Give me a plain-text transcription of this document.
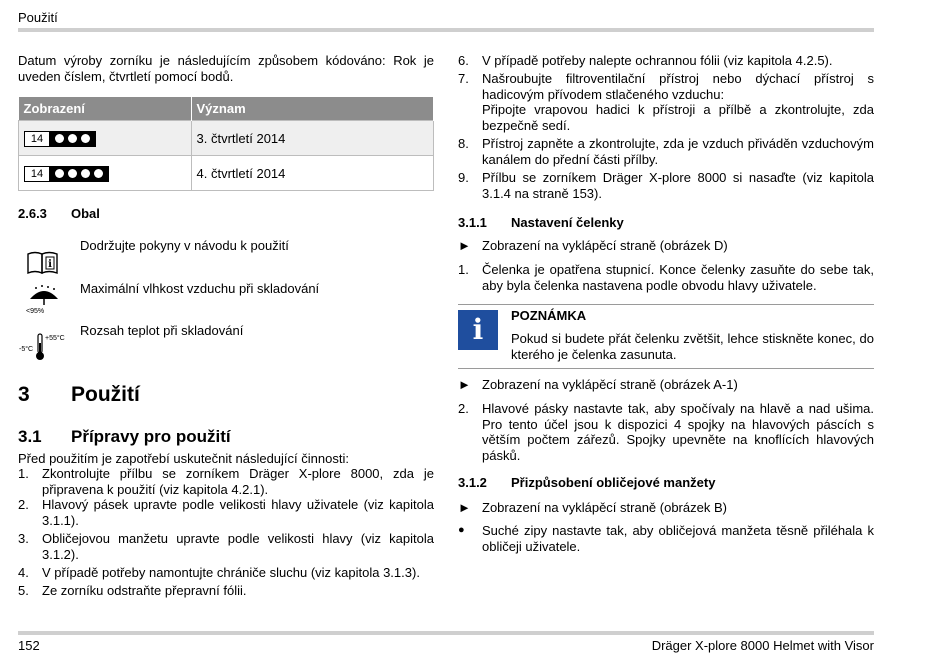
Použití
152	Dräger X-plore 8000 Helmet with Visor
Datum výroby zorníku je následujícím způsobem kódováno: Rok je uveden číslem, čtvrtletí pomocí bodů.
Zobrazení	Význam

14	3. čtvrtletí 2014

14	4. čtvrtletí 2014
2.6.3 Obal
i
Dodržujte pokyny v návodu k použití
<95%
Maximální vlhkost vzduchu při skladování
-5°C
+55°C
Rozsah teplot při skladování
3 Použití
3.1 Přípravy pro použití
Před použitím je zapotřebí uskutečnit následující činnosti:
1. Zkontrolujte přílbu se zorníkem Dräger X-plore 8000, zda je připravena k použití (viz kapitola 4.2.1).
2. Hlavový pásek upravte podle velikosti hlavy uživatele (viz kapitola 3.1.1).
3. Obličejovou manžetu upravte podle velikosti hlavy (viz kapitola 3.1.2).
4. V případě potřeby namontujte chrániče sluchu (viz kapitola 3.1.3).
5. Ze zorníku odstraňte přepravní fólii.
6. V případě potřeby nalepte ochrannou fólii (viz kapitola 4.2.5).
7. Našroubujte filtroventilační přístroj nebo dýchací přístroj s hadicovým přívodem stlačeného vzduchu:
Připojte vrapovou hadici k přístroji a přílbě a zkontrolujte, zda bezpečně sedí.
8. Přístroj zapněte a zkontrolujte, zda je vzduch přiváděn vzduchovým kanálem do přední části přílby.
9. Přílbu se zorníkem Dräger X-plore 8000 si nasaďte (viz kapitola 3.1.4 na straně 153).
3.1.1 Nastavení čelenky
► Zobrazení na vyklápěcí straně (obrázek D)
1. Čelenka je opatřena stupnicí. Konce čelenky zasuňte do sebe tak, aby byla čelenka nastavena podle obvodu hlavy uživatele.
i	POZNÁMKA
Pokud si budete přát čelenku zvětšit, lehce stiskněte konec, do kterého je čelenka zasunuta.
► Zobrazení na vyklápěcí straně (obrázek A-1)
2. Hlavové pásky nastavte tak, aby spočívaly na hlavě a nad ušima. Pro tento účel jsou k dispozici 4 spojky na hlavových páscích s větším počtem zářezů. Spojky upevněte na knoflících hlavových pásků.
3.1.2 Přizpůsobení obličejové manžety
► Zobrazení na vyklápěcí straně (obrázek B)
● Suché zipy nastavte tak, aby obličejová manžeta těsně přiléhala k obličeji uživatele.
